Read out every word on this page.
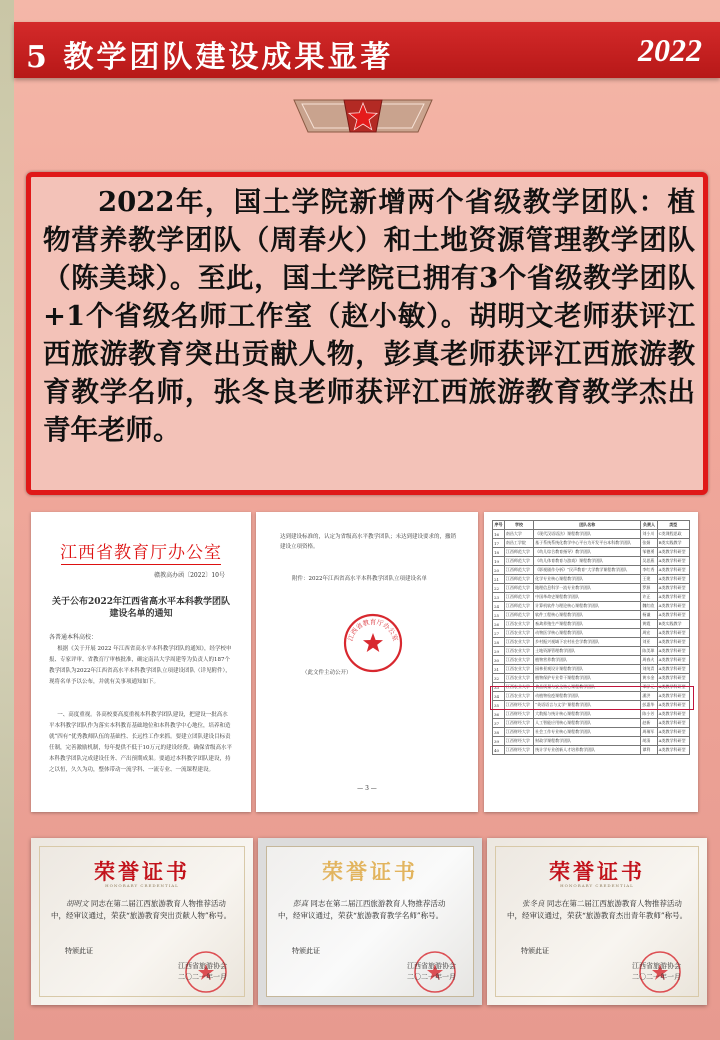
5 教学团队建设成果显著	2022
2022年，国土学院新增两个省级教学团队：植物营养教学团队（周春火）和土地资源管理教学团队（陈美球）。至此，国土学院已拥有3个省级教学团队+1个省级名师工作室（赵小敏）。胡明文老师获评江西旅游教育突出贡献人物，彭真老师获评江西旅游教育教学名师，张冬良老师获评江西旅游教育教学杰出青年老师。
江西省教育厅办公室
赣教高办函〔2022〕10号
关于公布2022年江西省高水平本科教学团队建设名单的通知
各普通本科高校：
根据《关于开展 2022 年江西省高水平本科教学团队的通知》，经学校申报、专家评审、省教育厅审核批准，确定南昌大学周建等为负责人的187个教学团队为2022年江西省高水平本科教学团队立项建设团队（详见附件），现将名单予以公布，并就有关事项通知如下。
一、高度重视。各高校要高度重视本科教学团队建设，把建设一批高水平本科教学团队作为落实本科教育基础地位和本科教学中心地位，培养和造就“四有”优秀教师队伍的基础性、长远性工作来抓。要建立团队建设目标责任制，完善激励机制，每年提供不低于10万元的建设经费。确保省级高水平本科教学团队完成建设任务、产出预期成果。要通过本科教学团队建设，持之以恒，久久为功，整体带动一流学科、一流专业、一流课程建设。
达到建设标准的，认定为省级高水平教学团队；未达到建设要求的，撤销建设立项资格。
附件：2022年江西省高水平本科教学团队立项建设名单
江西省教育厅办公室
（此文件主动公开）
— 3 —
序号	学校	团队名称	负责人	类型
16	南昌大学	《现代汉语语法》课程教学团队	刘小川	C类课程思政
17	南昌工学院	基于系统系统化教学中心平台为开发平台本科教学团队	张娟	B类实践教学
18	江西师范大学	《幼儿综合教育指导》教学团队	邹德勇	A类教学科研型
19	江西师范大学	《幼儿体育教育与游戏》课程教学团队	吴思燕	A类教学科研型
20	江西师范大学	《影视剧作分析》“民声教育”大学教学课程教学团队	李红秀	A类教学科研型
21	江西师范大学	化学专业核心课程教学团队	王建	A类教学科研型
22	江西师范大学	地理信息科学一流专业教学团队	罗源	A类教学科研型
23	江西师范大学	中国革命史课程教学团队	许正	A类教学科研型
24	江西师范大学	计算机软件与理论核心课程教学团队	魏红欣	A类教学科研型
25	江西师范大学	软件工程核心课程教学团队	杨谦	A类教学科研型
26	江西农业大学	畜禽养殖生产课程教学团队	黄霞	B类实践教学
27	江西农业大学	动物医学核心课程教学团队	周宏	A类教学科研型
28	江西农业大学	乡村振兴视域下农村社会学教学团队	刘亚	A类教学科研型
29	江西农业大学	土地资源管理教学团队	陈美球	A类教学科研型
30	江西农业大学	植物营养教学团队	周春火	A类教学科研型
31	江西农业大学	园林景观设计课程教学团队	刘纯青	A类教学科研型
32	江西农业大学	植物保护专业骨干课程教学团队	黄水金	A类教学科研型
33	江西农业大学	食品质量与安全核心课程教学团队	邓泽元	A类教学科研型
34	江西农业大学	动植物检疫课程教学团队	潘洪	A类教学科研型
35	江西财经大学	“英语语言与文学”课程教学团队	彭惠华	A类教学科研型
36	江西财经大学	大数据与统计核心课程教学团队	陈小芳	A类教学科研型
37	江西财经大学	人工智能应用核心课程教学团队	赵新	A类教学科研型
38	江西财经大学	社会工作专业核心课程教学团队	周瑞军	A类教学科研型
39	江西财经大学	财政学课程教学团队	胡清	A类教学科研型
40	江西财经大学	统计学专业创新人才培养教学团队	谭利	A类教学科研型
荣誉证书
HONORARY CREDENTIAL
胡明文 同志在第二届江西旅游教育人物推荐活动中，经审议通过，荣获“旅游教育突出贡献人物”称号。
特颁此证
江西省旅游协会
二〇二一年一月
荣誉证书
彭真 同志在第二届江西旅游教育人物推荐活动中，经审议通过，荣获“旅游教育教学名师”称号。
特颁此证
江西省旅游协会
二〇二一年一月
荣誉证书
HONORARY CREDENTIAL
张冬良 同志在第二届江西旅游教育人物推荐活动中，经审议通过，荣获“旅游教育杰出青年教师”称号。
特颁此证
江西省旅游协会
二〇二一年一月
